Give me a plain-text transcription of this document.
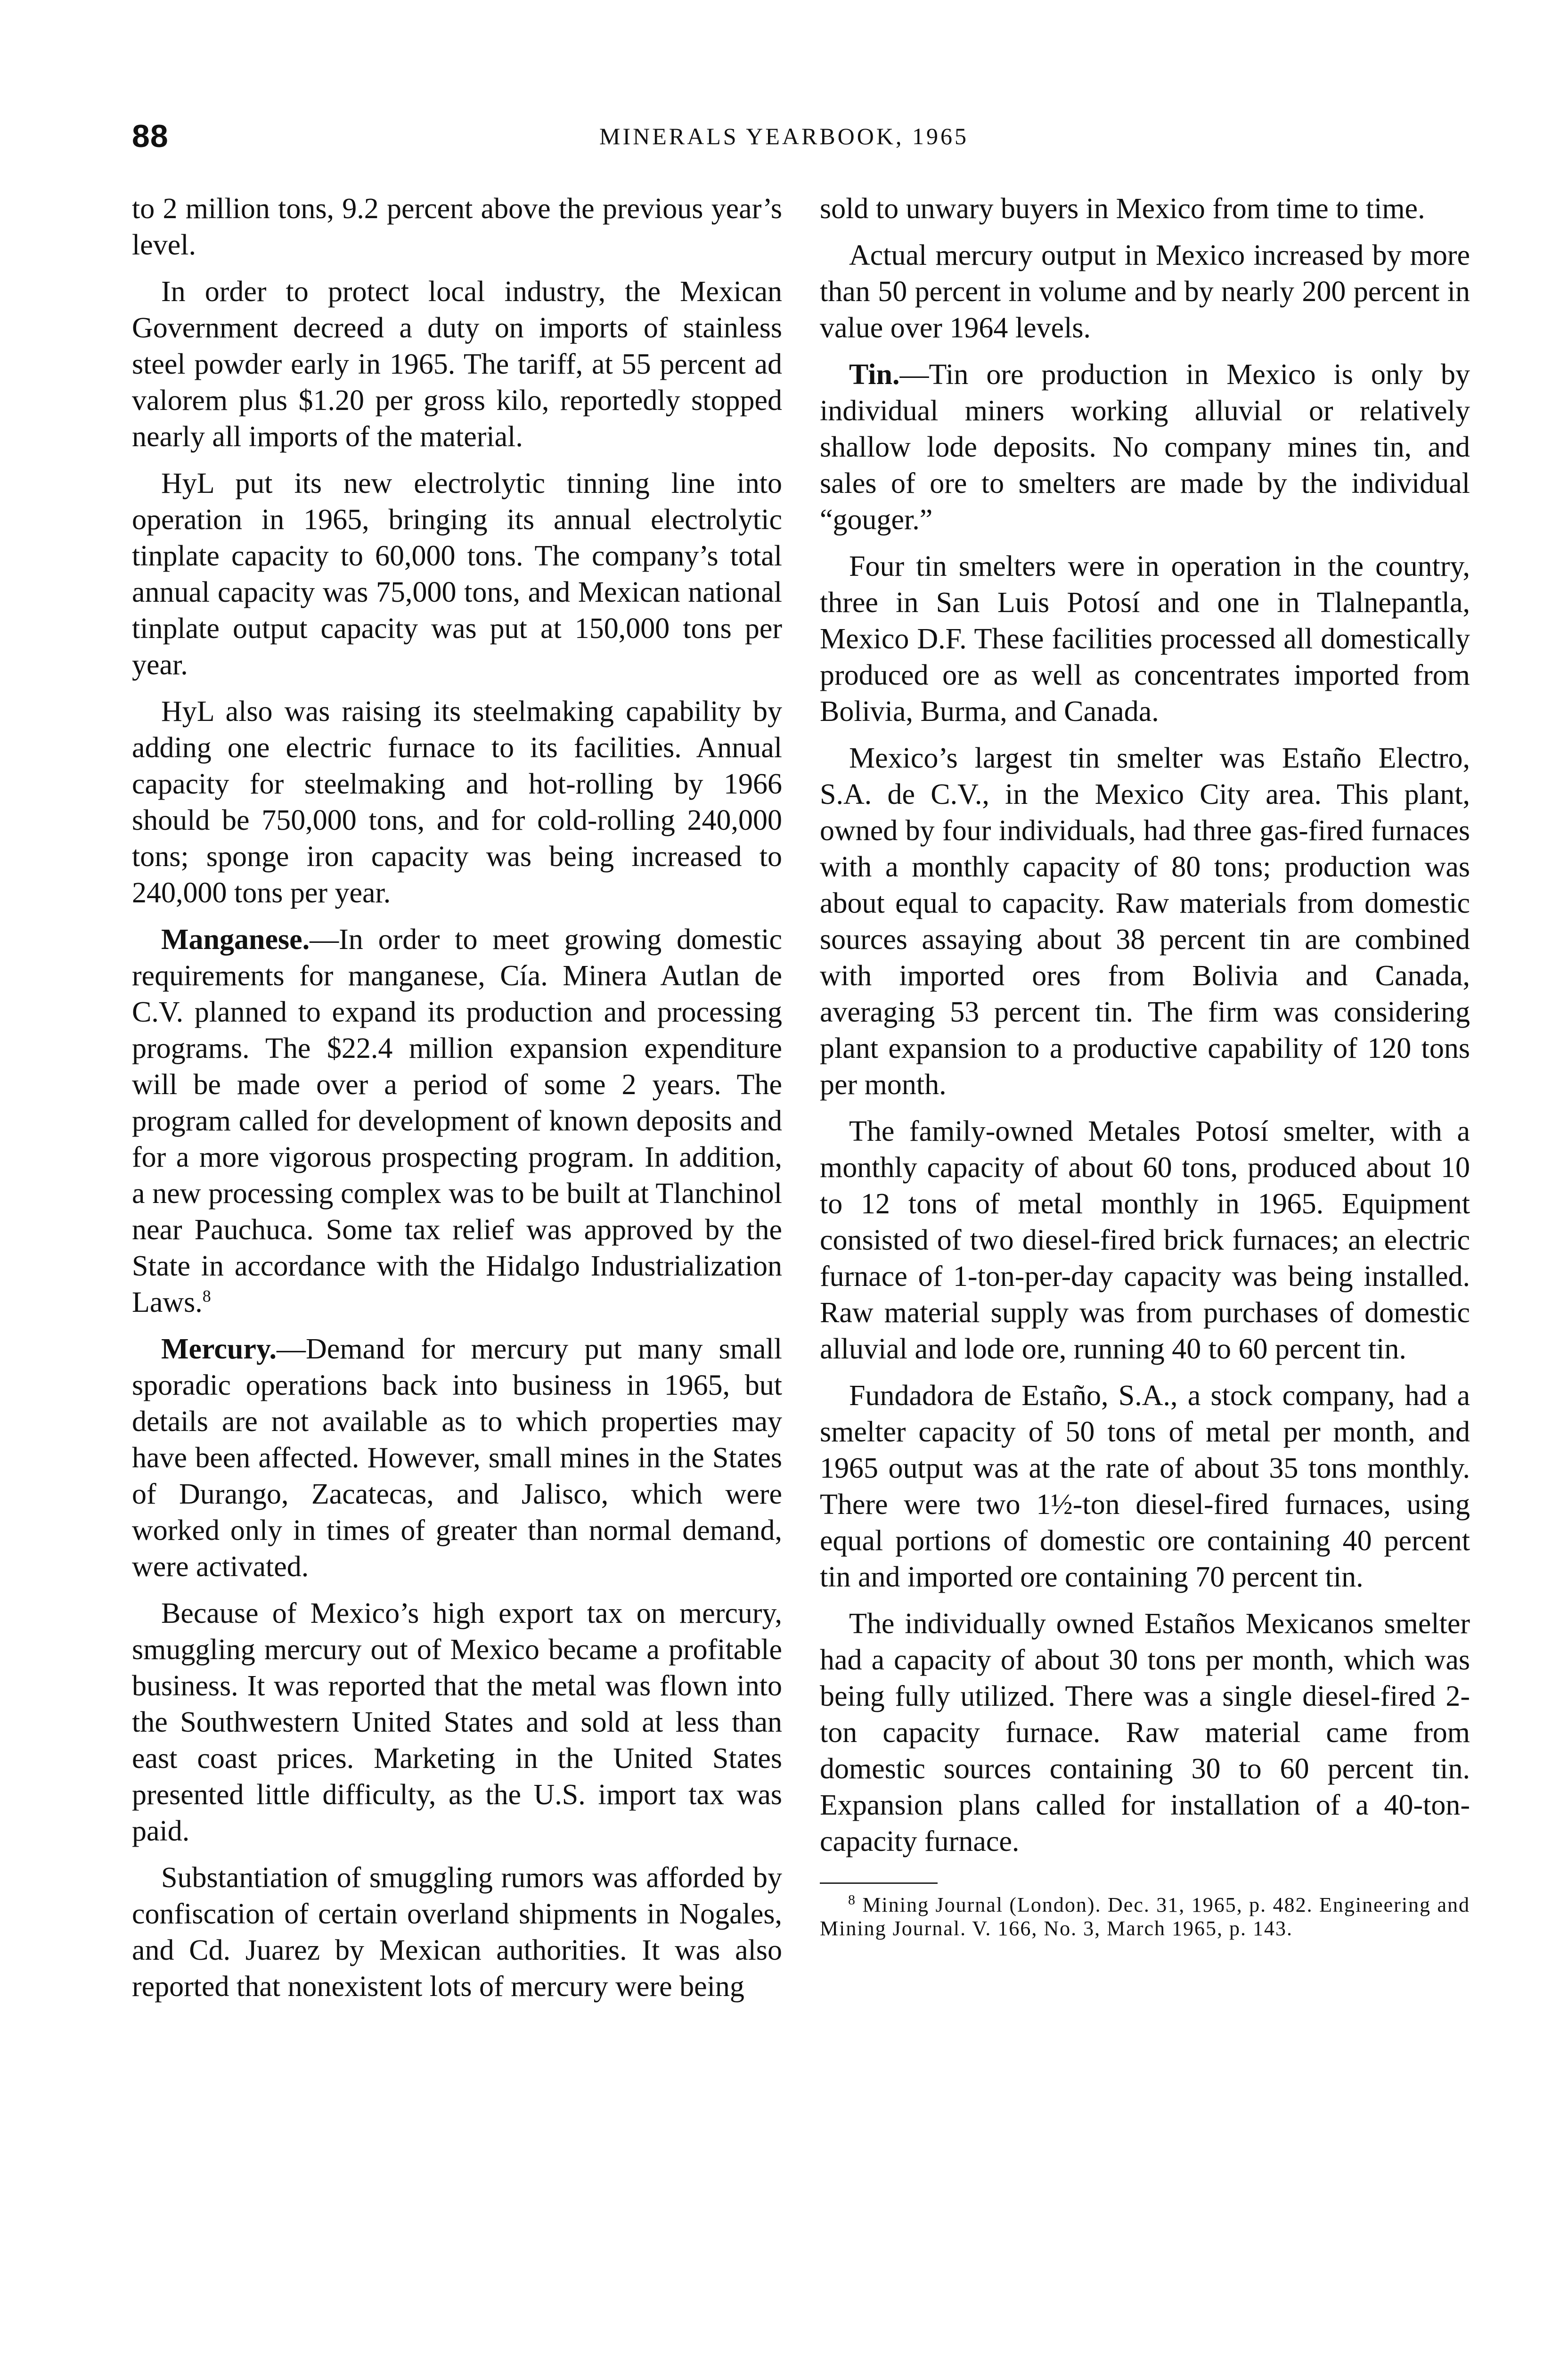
88	MINERALS YEARBOOK, 1965

to 2 million tons, 9.2 percent above the previous year’s level.

In order to protect local industry, the Mexican Government decreed a duty on imports of stainless steel powder early in 1965. The tariff, at 55 percent ad valorem plus $1.20 per gross kilo, reportedly stopped nearly all imports of the material.

HyL put its new electrolytic tinning line into operation in 1965, bringing its annual electrolytic tinplate capacity to 60,000 tons. The company’s total annual capacity was 75,000 tons, and Mexican national tinplate output capacity was put at 150,000 tons per year.

HyL also was raising its steelmaking capability by adding one electric furnace to its facilities. Annual capacity for steelmaking and hot-rolling by 1966 should be 750,000 tons, and for cold-rolling 240,000 tons; sponge iron capacity was being increased to 240,000 tons per year.

Manganese.—In order to meet growing domestic requirements for manganese, Cía. Minera Autlan de C.V. planned to expand its production and processing programs. The $22.4 million expansion expenditure will be made over a period of some 2 years. The program called for development of known deposits and for a more vigorous prospecting program. In addition, a new processing complex was to be built at Tlanchinol near Pauchuca. Some tax relief was approved by the State in accordance with the Hidalgo Industrialization Laws.$^8$

Mercury.—Demand for mercury put many small sporadic operations back into business in 1965, but details are not available as to which properties may have been affected. However, small mines in the States of Durango, Zacatecas, and Jalisco, which were worked only in times of greater than normal demand, were activated.

Because of Mexico’s high export tax on mercury, smuggling mercury out of Mexico became a profitable business. It was reported that the metal was flown into the Southwestern United States and sold at less than east coast prices. Marketing in the United States presented little difficulty, as the U.S. import tax was paid.

Substantiation of smuggling rumors was afforded by confiscation of certain overland shipments in Nogales, and Cd. Juarez by Mexican authorities. It was also reported that nonexistent lots of mercury were being

sold to unwary buyers in Mexico from time to time.

Actual mercury output in Mexico increased by more than 50 percent in volume and by nearly 200 percent in value over 1964 levels.

Tin.—Tin ore production in Mexico is only by individual miners working alluvial or relatively shallow lode deposits. No company mines tin, and sales of ore to smelters are made by the individual “gouger.”

Four tin smelters were in operation in the country, three in San Luis Potosí and one in Tlalnepantla, Mexico D.F. These facilities processed all domestically produced ore as well as concentrates imported from Bolivia, Burma, and Canada.

Mexico’s largest tin smelter was Estaño Electro, S.A. de C.V., in the Mexico City area. This plant, owned by four individuals, had three gas-fired furnaces with a monthly capacity of 80 tons; production was about equal to capacity. Raw materials from domestic sources assaying about 38 percent tin are combined with imported ores from Bolivia and Canada, averaging 53 percent tin. The firm was considering plant expansion to a productive capability of 120 tons per month.

The family-owned Metales Potosí smelter, with a monthly capacity of about 60 tons, produced about 10 to 12 tons of metal monthly in 1965. Equipment consisted of two diesel-fired brick furnaces; an electric furnace of 1-ton-per-day capacity was being installed. Raw material supply was from purchases of domestic alluvial and lode ore, running 40 to 60 percent tin.

Fundadora de Estaño, S.A., a stock company, had a smelter capacity of 50 tons of metal per month, and 1965 output was at the rate of about 35 tons monthly. There were two 1½-ton diesel-fired furnaces, using equal portions of domestic ore containing 40 percent tin and imported ore containing 70 percent tin.

The individually owned Estaños Mexicanos smelter had a capacity of about 30 tons per month, which was being fully utilized. There was a single diesel-fired 2-ton capacity furnace. Raw material came from domestic sources containing 30 to 60 percent tin. Expansion plans called for installation of a 40-ton-capacity furnace.

$^8$ Mining Journal (London). Dec. 31, 1965, p. 482. Engineering and Mining Journal. V. 166, No. 3, March 1965, p. 143.
